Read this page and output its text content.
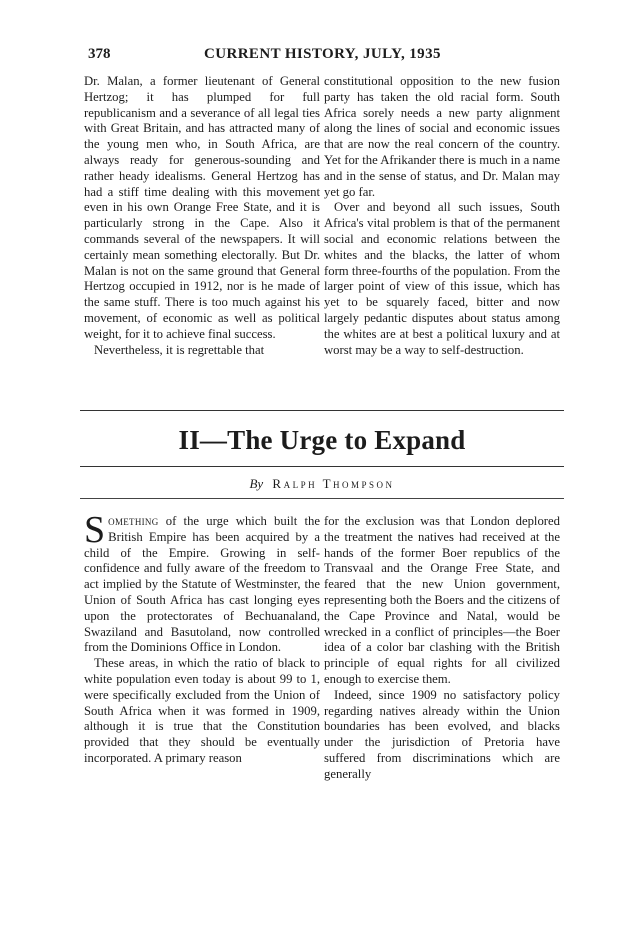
378	CURRENT HISTORY, JULY, 1935

Dr. Malan, a former lieutenant of General Hertzog; it has plumped for full republicanism and a severance of all legal ties with Great Britain, and has attracted many of the young men who, in South Africa, are always ready for generous-sounding and rather heady idealisms. General Hertzog has had a stiff time dealing with this movement even in his own Orange Free State, and it is particularly strong in the Cape. Also it commands several of the newspapers. It will certainly mean something electorally. But Dr. Malan is not on the same ground that General Hertzog occupied in 1912, nor is he made of the same stuff. There is too much against his movement, of economic as well as political weight, for it to achieve final success.

Nevertheless, it is regrettable that

constitutional opposition to the new fusion party has taken the old racial form. South Africa sorely needs a new party alignment along the lines of social and economic issues that are now the real concern of the country. Yet for the Afrikander there is much in a name and in the sense of status, and Dr. Malan may yet go far.

Over and beyond all such issues, South Africa's vital problem is that of the permanent social and economic relations between the whites and the blacks, the latter of whom form three-fourths of the population. From the larger point of view of this issue, which has yet to be squarely faced, bitter and now largely pedantic disputes about status among the whites are at best a political luxury and at worst may be a way to self-destruction.

II—The Urge to Expand
By Ralph Thompson

Something of the urge which built the British Empire has been acquired by a child of the Empire. Growing in self-confidence and fully aware of the freedom to act implied by the Statute of Westminster, the Union of South Africa has cast longing eyes upon the protectorates of Bechuanaland, Swaziland and Basutoland, now controlled from the Dominions Office in London.

These areas, in which the ratio of black to white population even today is about 99 to 1, were specifically excluded from the Union of South Africa when it was formed in 1909, although it is true that the Constitution provided that they should be eventually incorporated. A primary reason

for the exclusion was that London deplored the treatment the natives had received at the hands of the former Boer republics of the Transvaal and the Orange Free State, and feared that the new Union government, representing both the Boers and the citizens of the Cape Province and Natal, would be wrecked in a conflict of principles—the Boer idea of a color bar clashing with the British principle of equal rights for all civilized enough to exercise them.

Indeed, since 1909 no satisfactory policy regarding natives already within the Union boundaries has been evolved, and blacks under the jurisdiction of Pretoria have suffered from discriminations which are generally
